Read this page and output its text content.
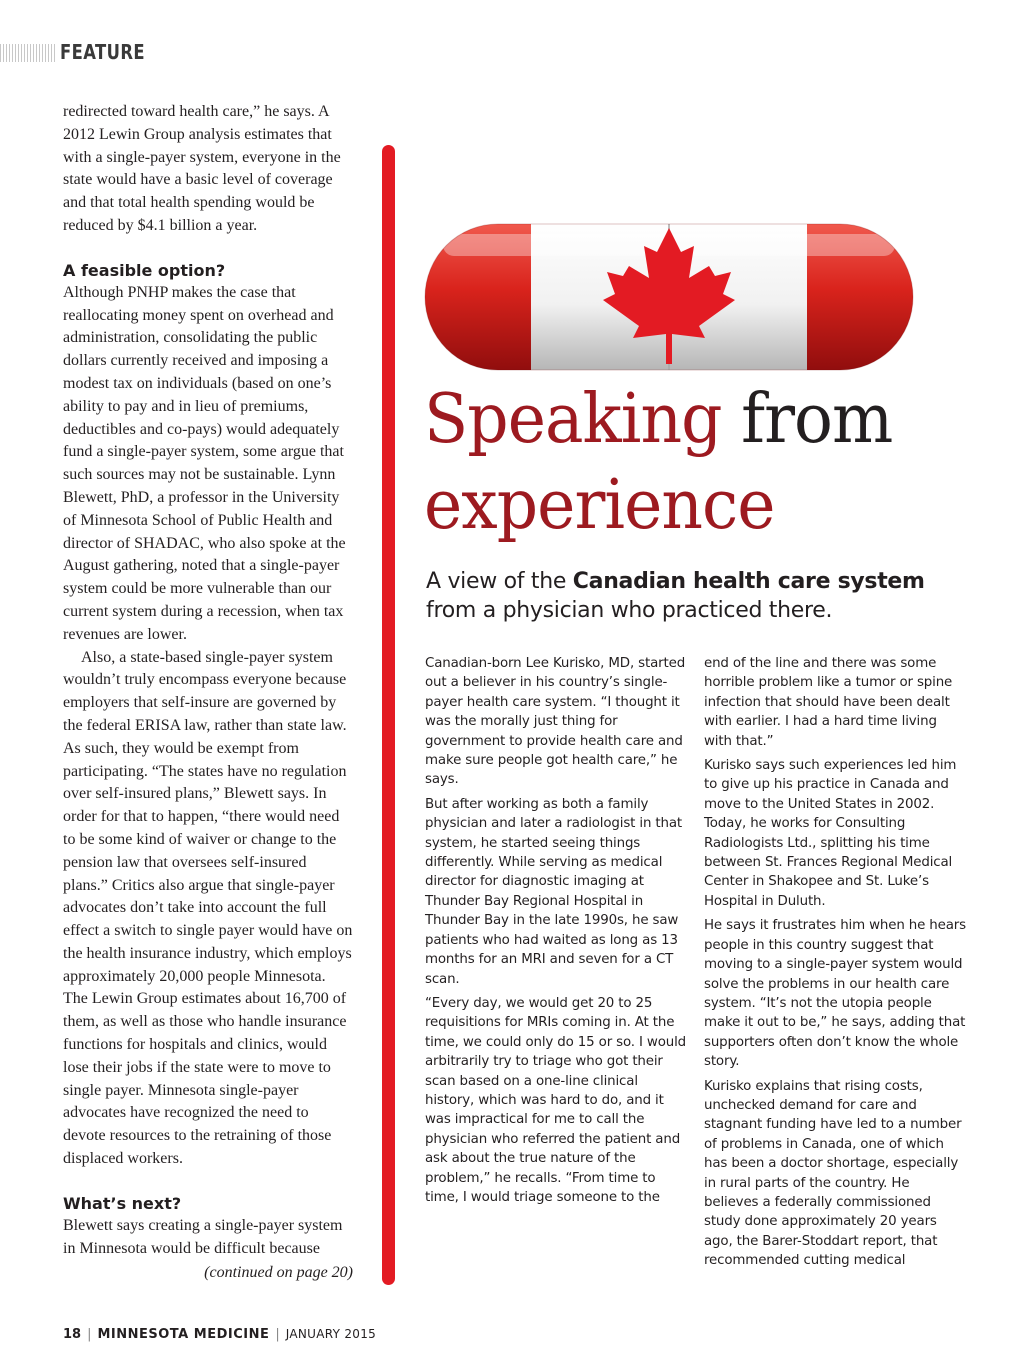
FEATURE

redirected toward health care,” he says. A 2012 Lewin Group analysis estimates that with a single-payer system, everyone in the state would have a basic level of coverage and that total health spending would be reduced by $4.1 billion a year.

A feasible option?

Although PNHP makes the case that reallocating money spent on overhead and administration, consolidating the public dollars currently received and imposing a modest tax on individuals (based on one’s ability to pay and in lieu of premiums, deductibles and co-pays) would adequately fund a single-payer system, some argue that such sources may not be sustainable. Lynn Blewett, PhD, a professor in the University of Minnesota School of Public Health and director of SHADAC, who also spoke at the August gathering, noted that a single-payer system could be more vulnerable than our current system during a recession, when tax revenues are lower.

Also, a state-based single-payer system wouldn’t truly encompass everyone because employers that self-insure are governed by the federal ERISA law, rather than state law. As such, they would be exempt from participating. “The states have no regulation over self-insured plans,” Blewett says. In order for that to happen, “there would need to be some kind of waiver or change to the pension law that oversees self-insured plans.” Critics also argue that single-payer advocates don’t take into account the full effect a switch to single payer would have on the health insurance industry, which employs approximately 20,000 people Minnesota. The Lewin Group estimates about 16,700 of them, as well as those who handle insurance functions for hospitals and clinics, would lose their jobs if the state were to move to single payer. Minnesota single-payer advocates have recognized the need to devote resources to the retraining of those displaced workers.

What’s next?

Blewett says creating a single-payer system in Minnesota would be difficult because

(continued on page 20)

Speaking from
experience
A view of the Canadian health care system from a physician who practiced there.

Canadian-born Lee Kurisko, MD, started out a believer in his country’s single-payer health care system. “I thought it was the morally just thing for government to provide health care and make sure people got health care,” he says.

But after working as both a family physician and later a radiologist in that system, he started seeing things differently. While serving as medical director for diagnostic imaging at Thunder Bay Regional Hospital in Thunder Bay in the late 1990s, he saw patients who had waited as long as 13 months for an MRI and seven for a CT scan.

“Every day, we would get 20 to 25 requisitions for MRIs coming in. At the time, we could only do 15 or so. I would arbitrarily try to triage who got their scan based on a one-line clinical history, which was hard to do, and it was impractical for me to call the physician who referred the patient and ask about the true nature of the problem,” he recalls. “From time to time, I would triage someone to the

end of the line and there was some horrible problem like a tumor or spine infection that should have been dealt with earlier. I had a hard time living with that.”

Kurisko says such experiences led him to give up his practice in Canada and move to the United States in 2002. Today, he works for Consulting Radiologists Ltd., splitting his time between St. Frances Regional Medical Center in Shakopee and St. Luke’s Hospital in Duluth.

He says it frustrates him when he hears people in this country suggest that moving to a single-payer system would solve the problems in our health care system. “It’s not the utopia people make it out to be,” he says, adding that supporters often don’t know the whole story.

Kurisko explains that rising costs, unchecked demand for care and stagnant funding have led to a number of problems in Canada, one of which has been a doctor shortage, especially in rural parts of the country. He believes a federally commissioned study done approximately 20 years ago, the Barer-Stoddart report, that recommended cutting medical

18 | MINNESOTA MEDICINE | JANUARY 2015
